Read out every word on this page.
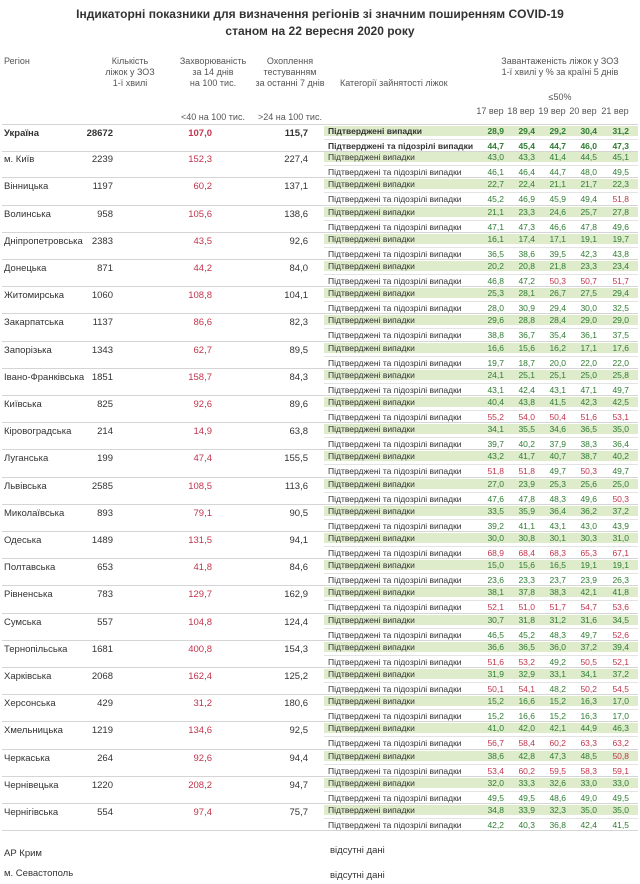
Індикаторні показники для визначення регіонів зі значним поширенням COVID-19
станом на 22 вересня 2020 року
Регіон	Кількість
ліжок у ЗОЗ
1-ї хвилі
Захворюваність
за 14 днів
на 100 тис.
<40 на 100 тис.
Охоплення
тестуванням
за останні 7 днів
>24 на 100 тис.
Категорії зайнятості ліжок
Завантаженість ліжок у ЗОЗ
1-ї хвилі у % за країні 5 днів
≤50%
17 вер 18 вер 19 вер 20 вер 21 вер
Україна	28672	107,0	115,7 Підтверджені випадки	28,9	29,4	29,2	30,4	31,2
Підтверджені та підозрілі випадки	44,7	45,4	44,7	46,0	47,3
м. Київ	2239	152,3	227,4 Підтверджені випадки	43,0	43,3	41,4	44,5	45,1
Підтверджені та підозрілі випадки	46,1	46,4	44,7	48,0	49,5
Вінницька	1197	60,2	137,1 Підтверджені випадки	22,7	22,4	21,1	21,7	22,3
Підтверджені та підозрілі випадки	45,2	46,9	45,9	49,4	51,8
Волинська	958	105,6	138,6 Підтверджені випадки	21,1	23,3	24,6	25,7	27,8
Підтверджені та підозрілі випадки	47,1	47,3	46,6	47,8	49,6
Дніпропетровська 2383	43,5	92,6 Підтверджені випадки	16,1	17,4	17,1	19,1	19,7
Підтверджені та підозрілі випадки	36,5	38,6	39,5	42,3	43,8
Донецька	871	44,2	84,0 Підтверджені випадки	20,2	20,8	21,8	23,3	23,4
Підтверджені та підозрілі випадки	46,8	47,2	50,3	50,7	51,7
Житомирська	1060	108,8	104,1 Підтверджені випадки	25,3	28,1	26,7	27,5	29,4
Підтверджені та підозрілі випадки	28,0	30,9	29,4	30,0	32,5
Закарпатська	1137	86,6	82,3 Підтверджені випадки	29,6	28,8	28,4	29,0	29,0
Підтверджені та підозрілі випадки	38,8	36,7	35,4	36,1	37,5
Запорізька	1343	62,7	89,5 Підтверджені випадки	16,6	15,6	16,2	17,1	17,6
Підтверджені та підозрілі випадки	19,7	18,7	20,0	22,0	22,0
Івано-Франківська 1851	158,7	84,3 Підтверджені випадки	24,1	25,1	25,1	25,0	25,8
Підтверджені та підозрілі випадки	43,1	42,4	43,1	47,1	49,7
Київська	825	92,6	89,6 Підтверджені випадки	40,4	43,8	41,5	42,3	42,5
Підтверджені та підозрілі випадки	55,2	54,0	50,4	51,6	53,1
Кіровоградська	214	14,9	63,8 Підтверджені випадки	34,1	35,5	34,6	36,5	35,0
Підтверджені та підозрілі випадки	39,7	40,2	37,9	38,3	36,4
Луганська	199	47,4	155,5 Підтверджені випадки	43,2	41,7	40,7	38,7	40,2
Підтверджені та підозрілі випадки	51,8	51,8	49,7	50,3	49,7
Львівська	2585	108,5	113,6 Підтверджені випадки	27,0	23,9	25,3	25,6	25,0
Підтверджені та підозрілі випадки	47,6	47,8	48,3	49,6	50,3
Миколаївська	893	79,1	90,5 Підтверджені випадки	33,5	35,9	36,4	36,2	37,2
Підтверджені та підозрілі випадки	39,2	41,1	43,1	43,0	43,9
Одеська	1489	131,5	94,1 Підтверджені випадки	30,0	30,8	30,1	30,3	31,0
Підтверджені та підозрілі випадки	68,9	68,4	68,3	65,3	67,1
Полтавська	653	41,8	84,6 Підтверджені випадки	15,0	15,6	16,5	19,1	19,1
Підтверджені та підозрілі випадки	23,6	23,3	23,7	23,9	26,3
Рівненська	783	129,7	162,9 Підтверджені випадки	38,1	37,8	38,3	42,1	41,8
Підтверджені та підозрілі випадки	52,1	51,0	51,7	54,7	53,6
Сумська	557	104,8	124,4 Підтверджені випадки	30,7	31,8	31,2	31,6	34,5
Підтверджені та підозрілі випадки	46,5	45,2	48,3	49,7	52,6
Тернопільська	1681	400,8	154,3 Підтверджені випадки	36,6	36,5	36,0	37,2	39,4
Підтверджені та підозрілі випадки	51,6	53,2	49,2	50,5	52,1
Харківська	2068	162,4	125,2 Підтверджені випадки	31,9	32,9	33,1	34,1	37,2
Підтверджені та підозрілі випадки	50,1	54,1	48,2	50,2	54,5
Херсонська	429	31,2	180,6 Підтверджені випадки	15,2	16,6	15,2	16,3	17,0
Підтверджені та підозрілі випадки	15,2	16,6	15,2	16,3	17,0
Хмельницька	1219	134,6	92,5 Підтверджені випадки	41,0	42,0	42,1	44,9	46,3
Підтверджені та підозрілі випадки	56,7	58,4	60,2	63,3	63,2
Черкаська	264	92,6	94,4 Підтверджені випадки	38,6	42,8	47,3	48,5	50,8
Підтверджені та підозрілі випадки	53,4	60,2	59,5	58,3	59,1
Чернівецька	1220	208,2	94,7 Підтверджені випадки	32,0	33,3	32,6	33,0	33,0
Підтверджені та підозрілі випадки	49,5	49,5	48,6	49,0	49,5
Чернігівська	554	97,4	75,7 Підтверджені випадки	34,8	33,9	32,3	35,0	35,0
Підтверджені та підозрілі випадки	42,2	40,3	36,8	42,4	41,5
АР Крим	відсутні дані
м. Севастополь	відсутні дані
